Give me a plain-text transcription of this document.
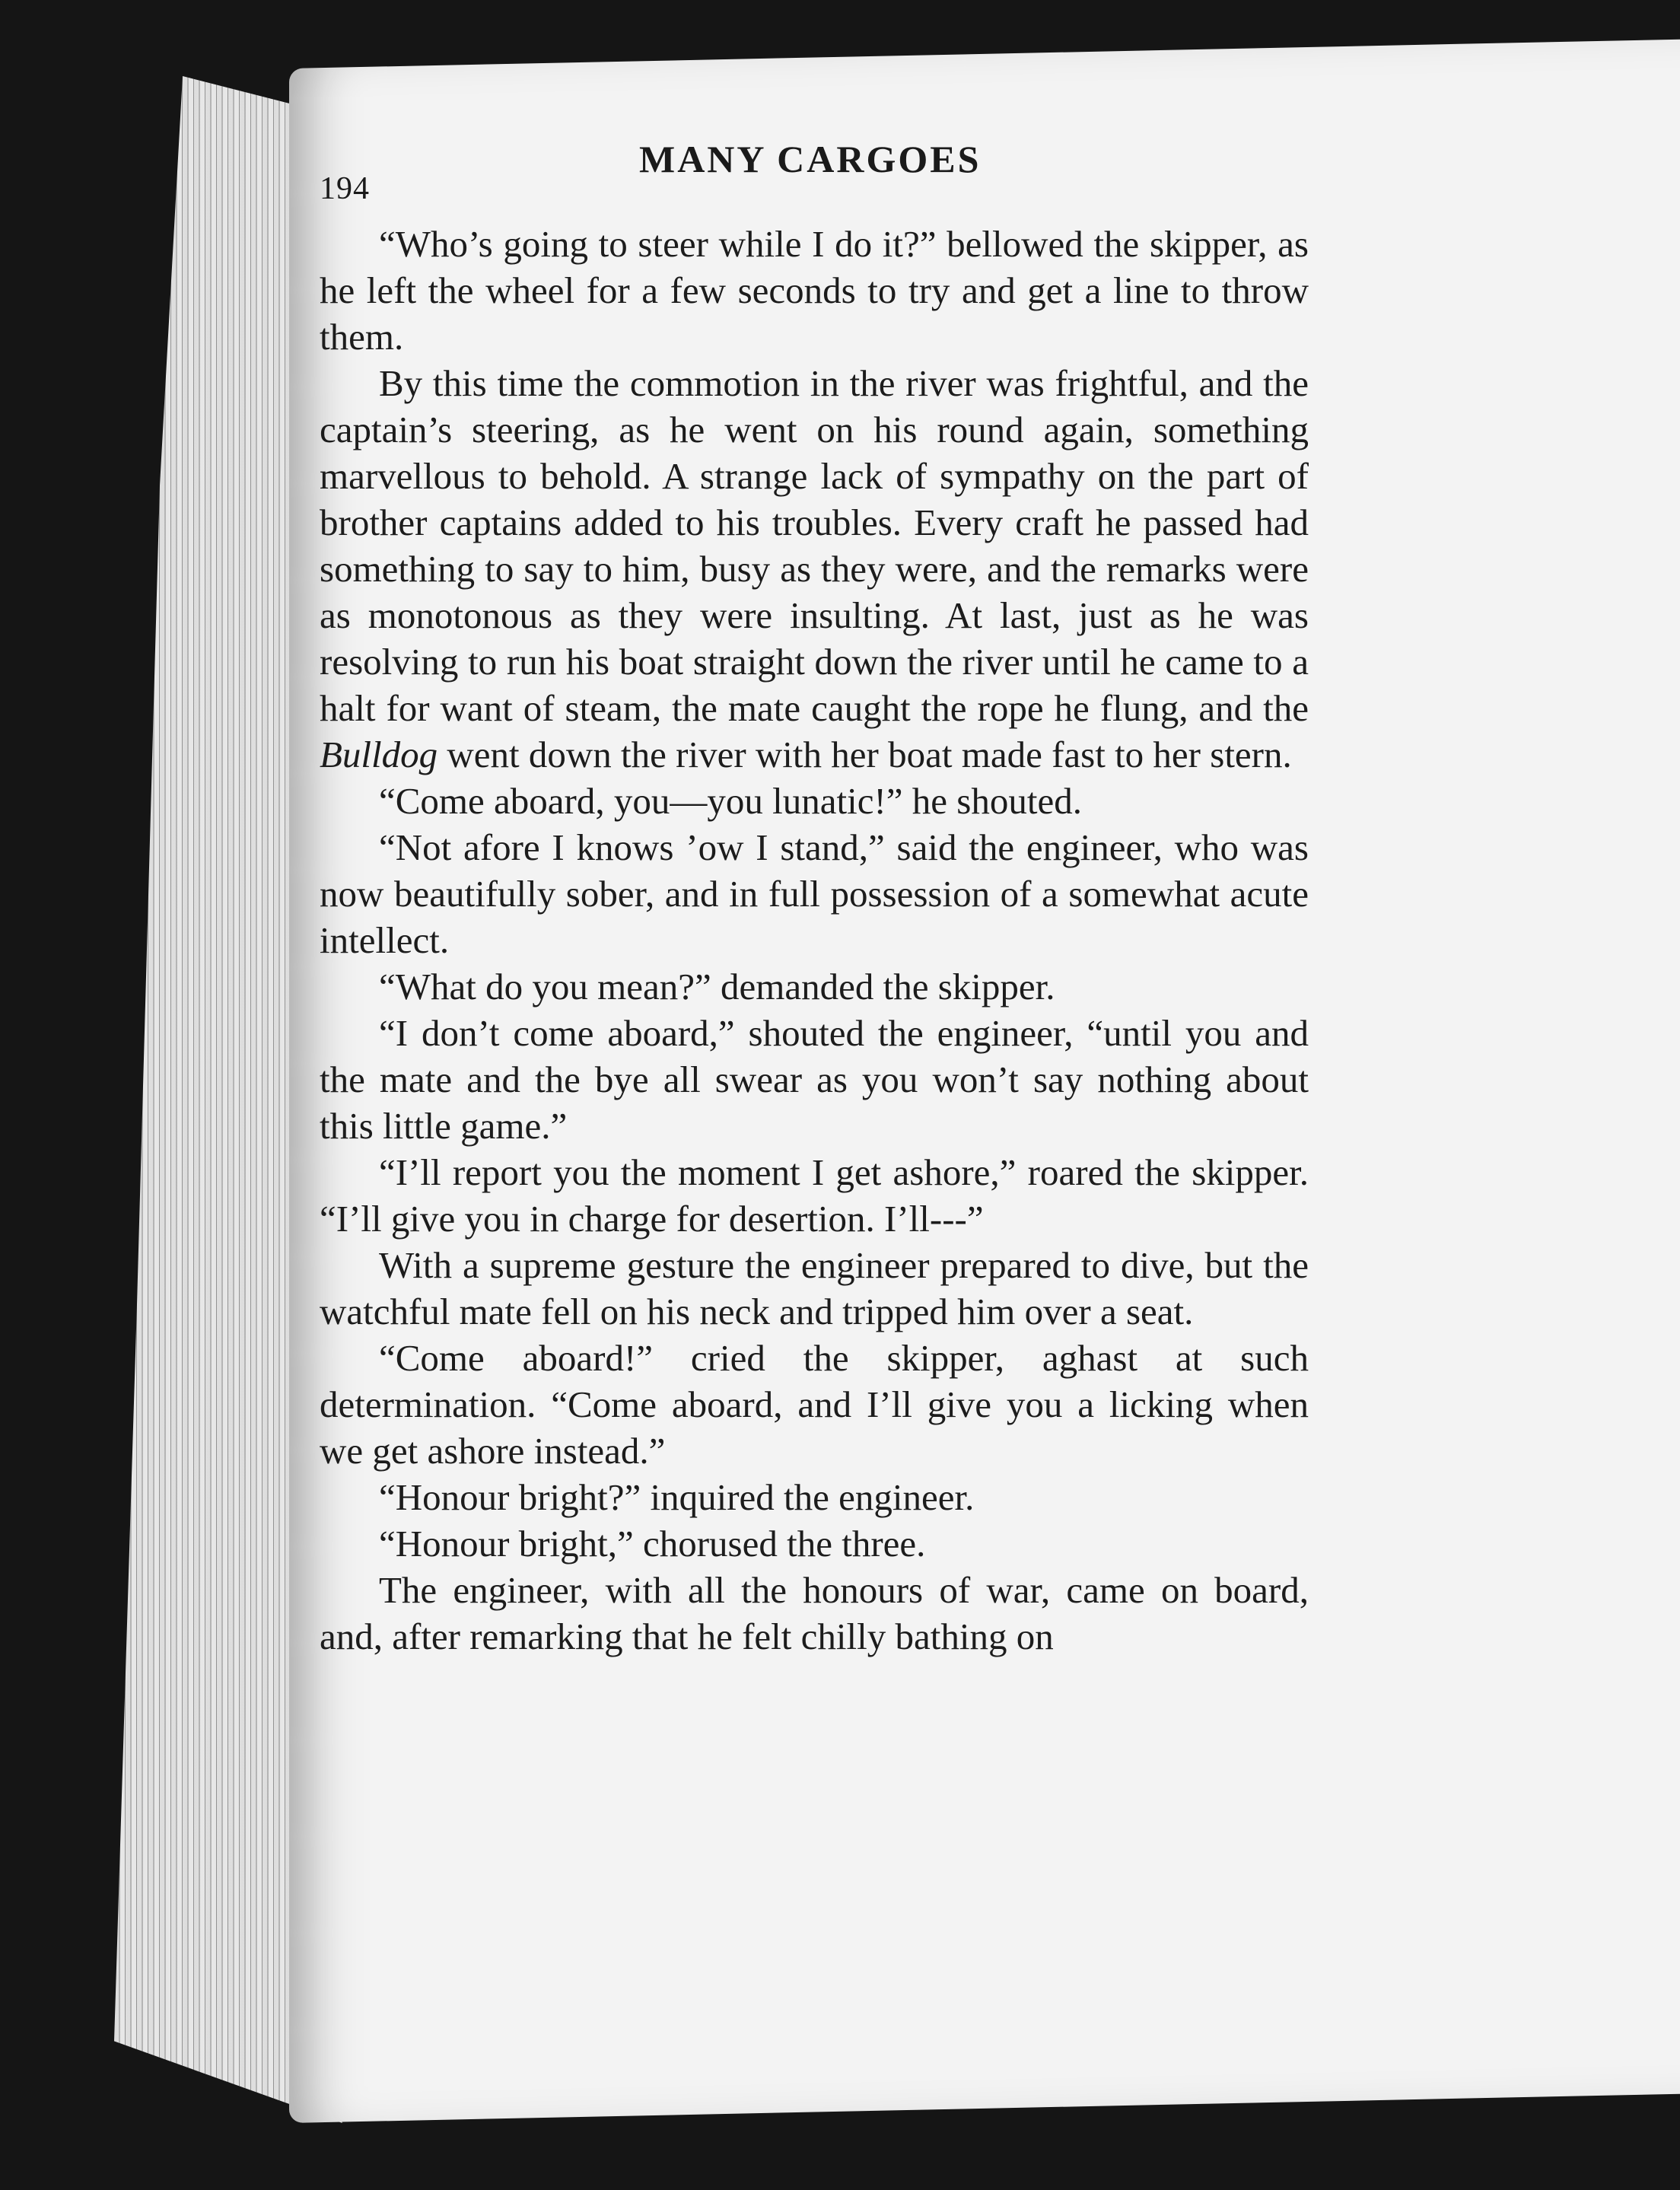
194
MANY CARGOES

“Who’s going to steer while I do it?” bellowed the skipper, as he left the wheel for a few seconds to try and get a line to throw them.

By this time the commotion in the river was frightful, and the captain’s steering, as he went on his round again, something marvellous to behold. A strange lack of sympathy on the part of brother captains added to his troubles. Every craft he passed had something to say to him, busy as they were, and the remarks were as monotonous as they were insulting. At last, just as he was resolving to run his boat straight down the river until he came to a halt for want of steam, the mate caught the rope he flung, and the Bulldog went down the river with her boat made fast to her stern.

“Come aboard, you—you lunatic!” he shouted.

“Not afore I knows ’ow I stand,” said the engineer, who was now beautifully sober, and in full possession of a somewhat acute intellect.

“What do you mean?” demanded the skipper.

“I don’t come aboard,” shouted the engineer, “until you and the mate and the bye all swear as you won’t say nothing about this little game.”

“I’ll report you the moment I get ashore,” roared the skipper. “I’ll give you in charge for desertion. I’ll---”

With a supreme gesture the engineer prepared to dive, but the watchful mate fell on his neck and tripped him over a seat.

“Come aboard!” cried the skipper, aghast at such determination. “Come aboard, and I’ll give you a licking when we get ashore instead.”

“Honour bright?” inquired the engineer.

“Honour bright,” chorused the three.

The engineer, with all the honours of war, came on board, and, after remarking that he felt chilly bathing on
